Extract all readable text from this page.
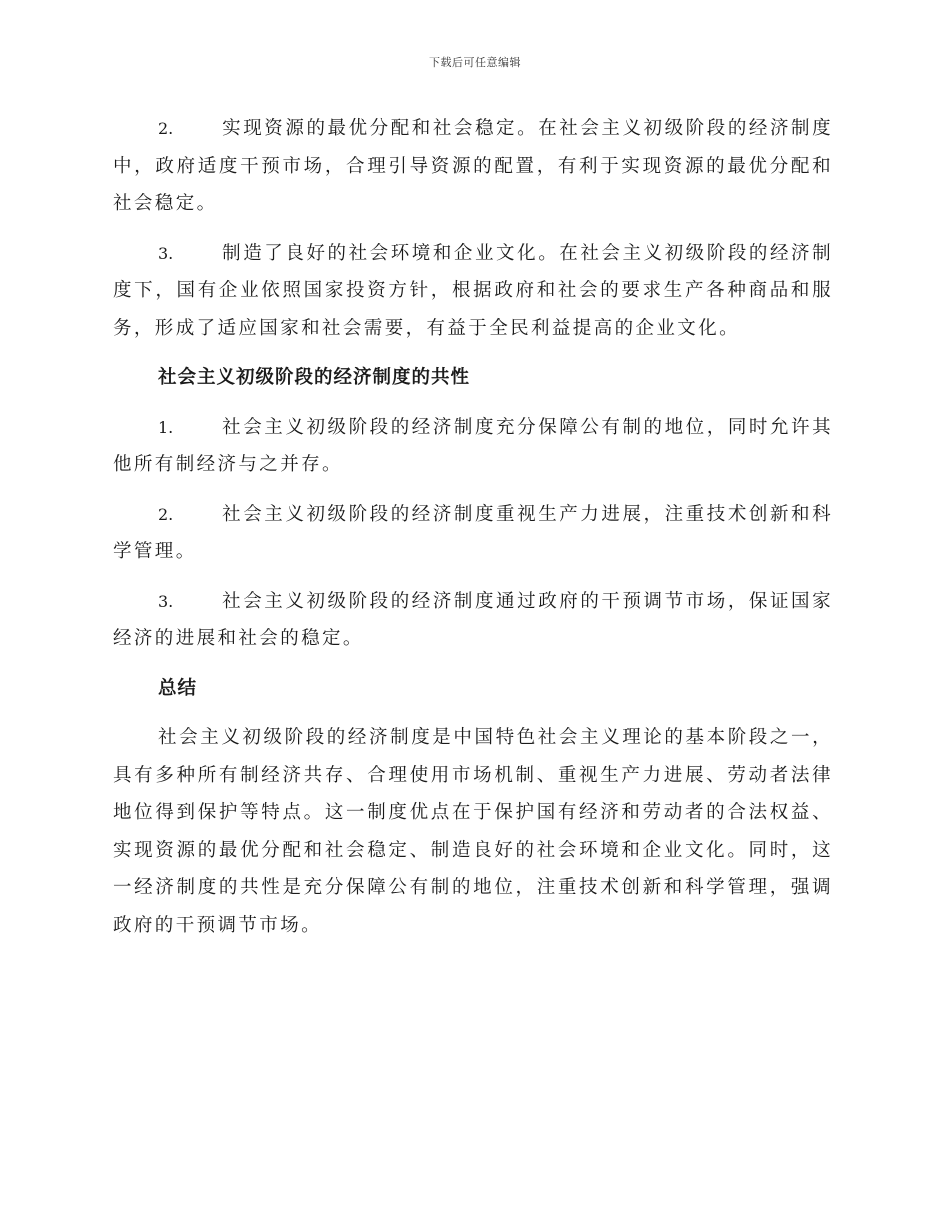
下载后可任意编辑

2.	实现资源的最优分配和社会稳定。在社会主义初级阶段的经济制度中，政府适度干预市场，合理引导资源的配置，有利于实现资源的最优分配和社会稳定。

3.	制造了良好的社会环境和企业文化。在社会主义初级阶段的经济制度下，国有企业依照国家投资方针，根据政府和社会的要求生产各种商品和服务，形成了适应国家和社会需要，有益于全民利益提高的企业文化。

社会主义初级阶段的经济制度的共性

1.	社会主义初级阶段的经济制度充分保障公有制的地位，同时允许其他所有制经济与之并存。

2.	社会主义初级阶段的经济制度重视生产力进展，注重技术创新和科学管理。

3.	社会主义初级阶段的经济制度通过政府的干预调节市场，保证国家经济的进展和社会的稳定。

总结

社会主义初级阶段的经济制度是中国特色社会主义理论的基本阶段之一，具有多种所有制经济共存、合理使用市场机制、重视生产力进展、劳动者法律地位得到保护等特点。这一制度优点在于保护国有经济和劳动者的合法权益、实现资源的最优分配和社会稳定、制造良好的社会环境和企业文化。同时，这一经济制度的共性是充分保障公有制的地位，注重技术创新和科学管理，强调政府的干预调节市场。
